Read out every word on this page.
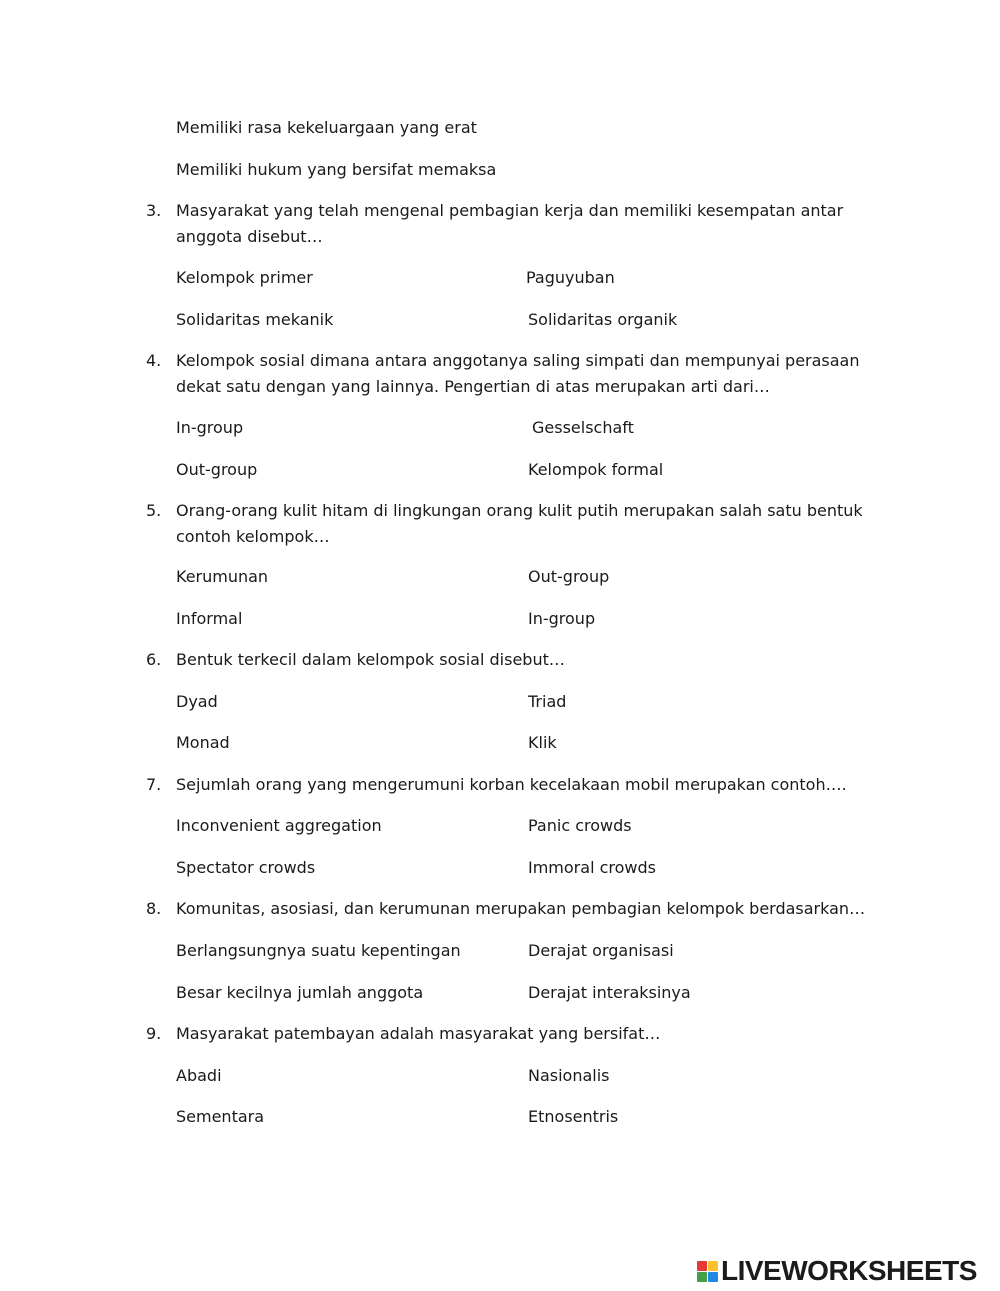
Memiliki rasa kekeluargaan yang erat
Memiliki hukum yang bersifat memaksa
3. Masyarakat yang telah mengenal pembagian kerja dan memiliki kesempatan antar anggota disebut…
Kelompok primer	Paguyuban
Solidaritas mekanik	Solidaritas organik
4. Kelompok sosial dimana antara anggotanya saling simpati dan mempunyai perasaan dekat satu dengan yang lainnya. Pengertian di atas merupakan arti dari…
In-group	Gesselschaft
Out-group	Kelompok formal
5. Orang-orang kulit hitam di lingkungan orang kulit putih merupakan salah satu bentuk contoh kelompok…
Kerumunan	Out-group
Informal	In-group
6. Bentuk terkecil dalam kelompok sosial disebut…
Dyad	Triad
Monad	Klik
7. Sejumlah orang yang mengerumuni korban kecelakaan mobil merupakan contoh….
Inconvenient aggregation	Panic crowds
Spectator crowds	Immoral crowds
8. Komunitas, asosiasi, dan kerumunan merupakan pembagian kelompok berdasarkan…
Berlangsungnya suatu kepentingan	Derajat organisasi
Besar kecilnya jumlah anggota	Derajat interaksinya
9. Masyarakat patembayan adalah masyarakat yang bersifat…
Abadi	Nasionalis
Sementara	Etnosentris
LIVEWORKSHEETS
